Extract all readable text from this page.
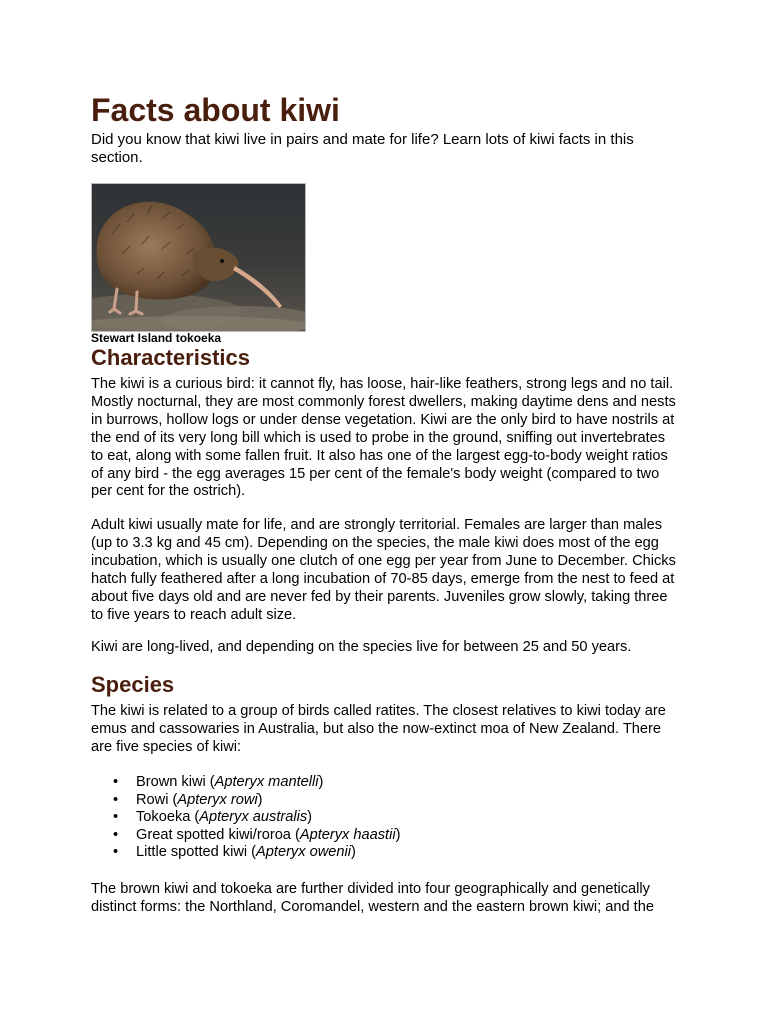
Facts about kiwi

Did you know that kiwi live in pairs and mate for life? Learn lots of kiwi facts in this section.

Stewart Island tokoeka

Characteristics

The kiwi is a curious bird: it cannot fly, has loose, hair-like feathers, strong legs and no tail. Mostly nocturnal, they are most commonly forest dwellers, making daytime dens and nests in burrows, hollow logs or under dense vegetation. Kiwi are the only bird to have nostrils at the end of its very long bill which is used to probe in the ground, sniffing out invertebrates to eat, along with some fallen fruit. It also has one of the largest egg-to-body weight ratios of any bird - the egg averages 15 per cent of the female's body weight (compared to two per cent for the ostrich).

Adult kiwi usually mate for life, and are strongly territorial. Females are larger than males (up to 3.3 kg and 45 cm). Depending on the species, the male kiwi does most of the egg incubation, which is usually one clutch of one egg per year from June to December. Chicks hatch fully feathered after a long incubation of 70-85 days, emerge from the nest to feed at about five days old and are never fed by their parents. Juveniles grow slowly, taking three to five years to reach adult size.

Kiwi are long-lived, and depending on the species live for between 25 and 50 years.

Species

The kiwi is related to a group of birds called ratites. The closest relatives to kiwi today are emus and cassowaries in Australia, but also the now-extinct moa of New Zealand. There are five species of kiwi:

• Brown kiwi (Apteryx mantelli)
• Rowi (Apteryx rowi)
• Tokoeka (Apteryx australis)
• Great spotted kiwi/roroa (Apteryx haastii)
• Little spotted kiwi (Apteryx owenii)

The brown kiwi and tokoeka are further divided into four geographically and genetically distinct forms: the Northland, Coromandel, western and the eastern brown kiwi; and the
